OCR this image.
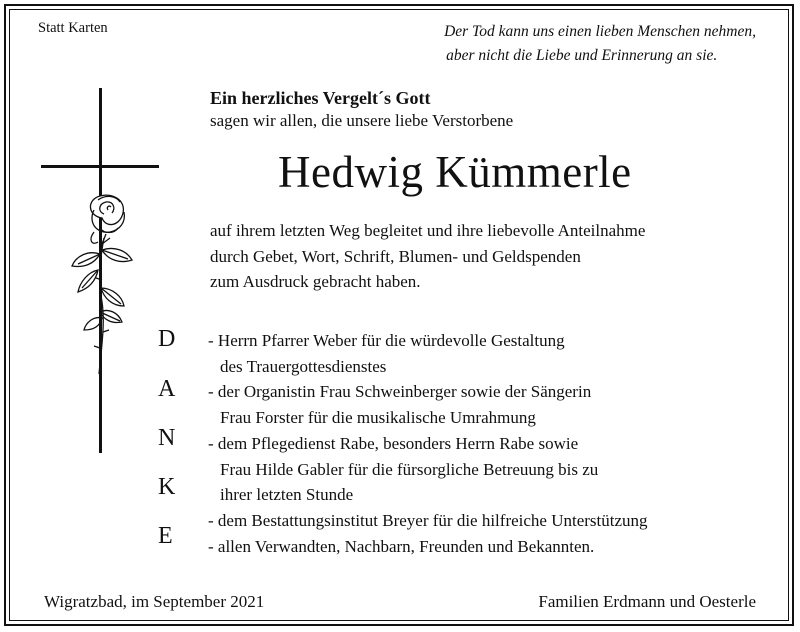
Statt Karten	Der Tod kann uns einen lieben Menschen nehmen,
aber nicht die Liebe und Erinnerung an sie.
Ein herzliches Vergelt´s Gott
sagen wir allen, die unsere liebe Verstorbene
Hedwig Kümmerle
auf ihrem letzten Weg begleitet und ihre liebevolle Anteilnahme
durch Gebet, Wort, Schrift, Blumen- und Geldspenden
zum Ausdruck gebracht haben.
D
A
N
K
E
- Herrn Pfarrer Weber für die würdevolle Gestaltung
des Trauergottesdienstes
- der Organistin Frau Schweinberger sowie der Sängerin
Frau Forster für die musikalische Umrahmung
- dem Pflegedienst Rabe, besonders Herrn Rabe sowie
Frau Hilde Gabler für die fürsorgliche Betreuung bis zu
ihrer letzten Stunde
- dem Bestattungsinstitut Breyer für die hilfreiche Unterstützung
- allen Verwandten, Nachbarn, Freunden und Bekannten.
Wigratzbad, im September 2021	Familien Erdmann und Oesterle
